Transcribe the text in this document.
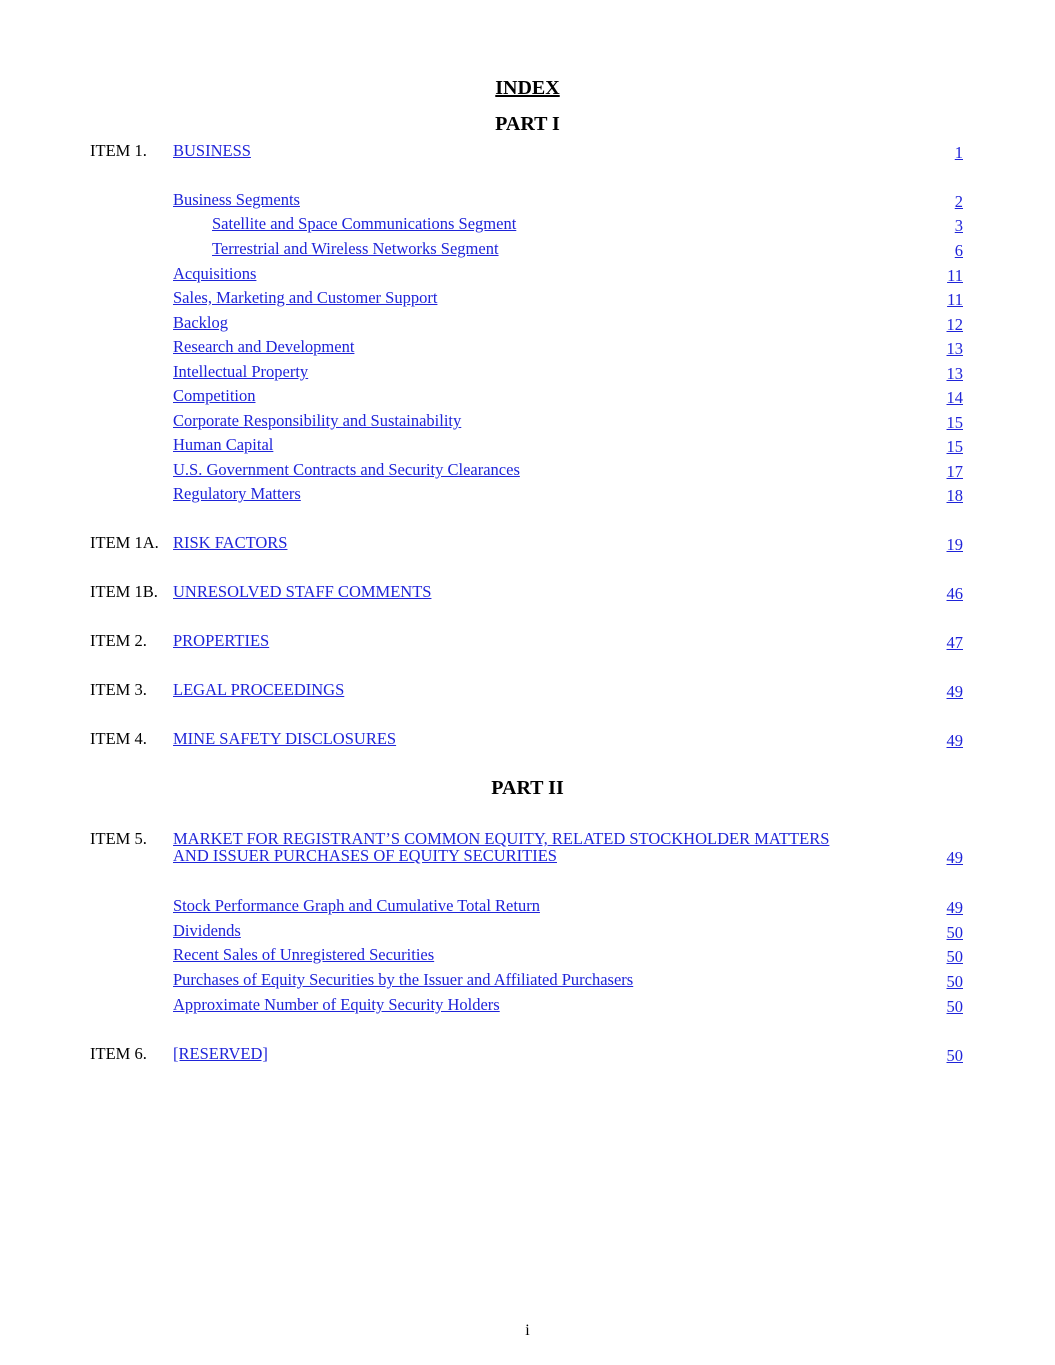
INDEX
PART I
ITEM 1. BUSINESS	1
Business Segments	2
Satellite and Space Communications Segment	3
Terrestrial and Wireless Networks Segment	6
Acquisitions	11
Sales, Marketing and Customer Support	11
Backlog	12
Research and Development	13
Intellectual Property	13
Competition	14
Corporate Responsibility and Sustainability	15
Human Capital	15
U.S. Government Contracts and Security Clearances	17
Regulatory Matters	18
ITEM 1A. RISK FACTORS	19
ITEM 1B. UNRESOLVED STAFF COMMENTS	46
ITEM 2. PROPERTIES	47
ITEM 3. LEGAL PROCEEDINGS	49
ITEM 4. MINE SAFETY DISCLOSURES	49
PART II
ITEM 5. MARKET FOR REGISTRANT’S COMMON EQUITY, RELATED STOCKHOLDER MATTERS
AND ISSUER PURCHASES OF EQUITY SECURITIES	49
Stock Performance Graph and Cumulative Total Return	49
Dividends	50
Recent Sales of Unregistered Securities	50
Purchases of Equity Securities by the Issuer and Affiliated Purchasers	50
Approximate Number of Equity Security Holders	50
ITEM 6. [RESERVED]	50
i
